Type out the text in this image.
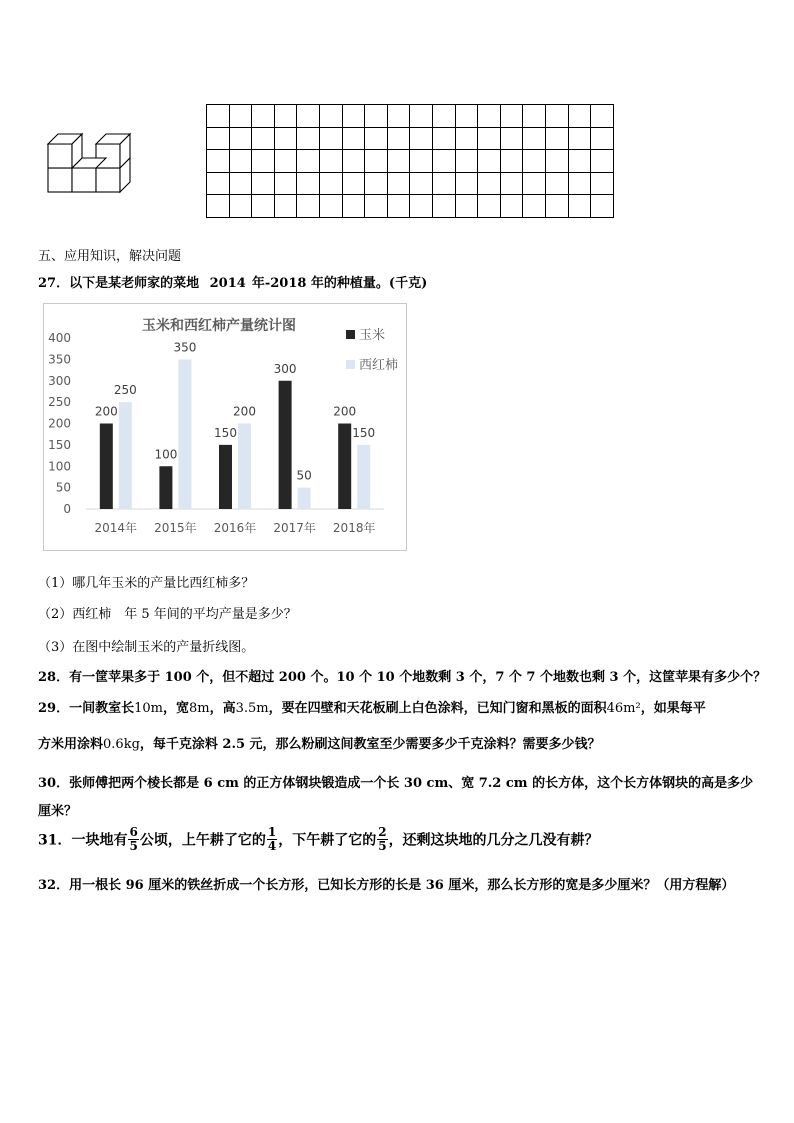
五、应用知识，解决问题
27．以下是某老师家的菜地 2014 年-2018 年的种植量。(千克)
玉米和西红柿产量统计图
0
50
100
150
200
250
300
350
400
2014年
200
250
2015年
100
350
2016年
150
200
2017年
300
50
2018年
200
150
玉米
西红柿
（1）哪几年玉米的产量比西红柿多？
（2）西红柿　年 5 年间的平均产量是多少？
（3）在图中绘制玉米的产量折线图。
28．有一筐苹果多于 100 个，但不超过 200 个。10 个 10 个地数剩 3 个，7 个 7 个地数也剩 3 个，这筐苹果有多少个？
29．一间教室长10m，宽8m，高3.5m，要在四壁和天花板刷上白色涂料，已知门窗和黑板的面积46m²，如果每平
方米用涂料0.6kg，每千克涂料 2.5 元，那么粉刷这间教室至少需要多少千克涂料？需要多少钱？
30．张师傅把两个棱长都是 6 cm 的正方体钢块锻造成一个长 30 cm、宽 7.2 cm 的长方体，这个长方体钢块的高是多少
厘米？
31．一块地有 $\frac{6}{5}$ 公顷，上午耕了它的 $\frac{1}{4}$ ，下午耕了它的 $\frac{2}{5}$ ，还剩这块地的几分之几没有耕？
32．用一根长 96 厘米的铁丝折成一个长方形，已知长方形的长是 36 厘米，那么长方形的宽是多少厘米？（用方程解）
